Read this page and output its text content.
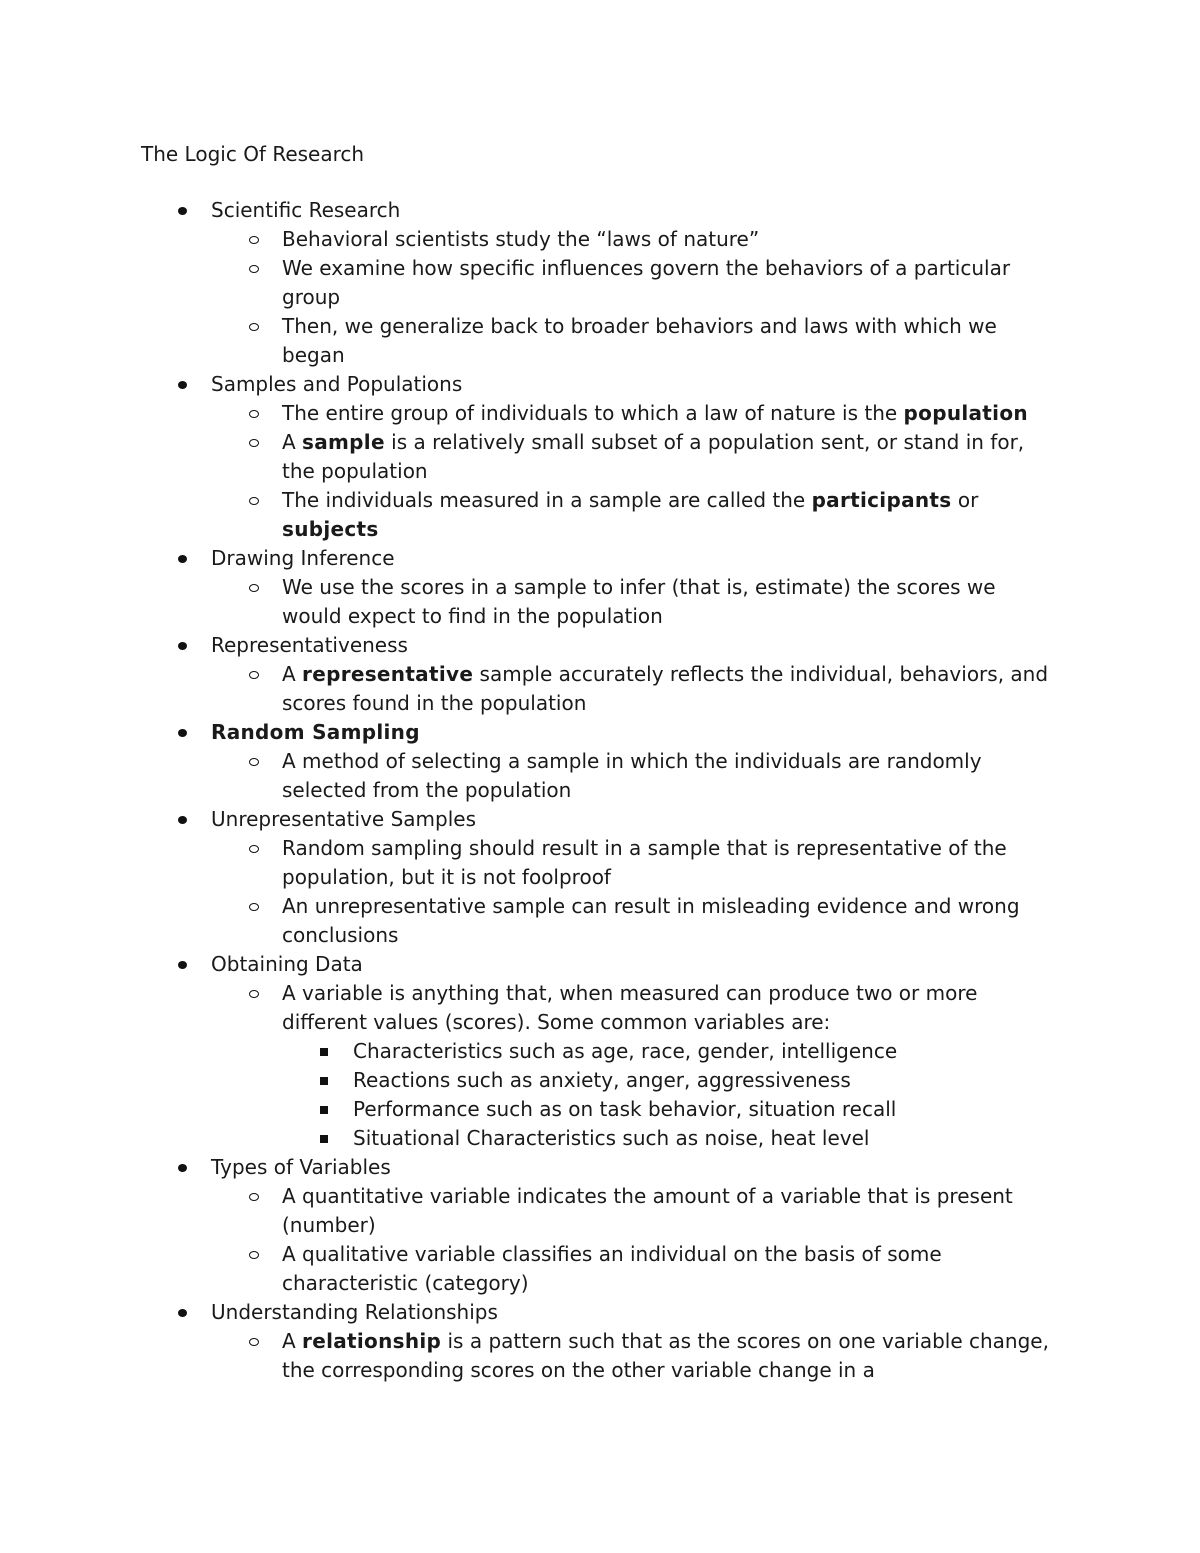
The Logic Of Research
Scientific Research
Behavioral scientists study the “laws of nature”
We examine how specific influences govern the behaviors of a particular group
Then, we generalize back to broader behaviors and laws with which we began
Samples and Populations
The entire group of individuals to which a law of nature is the population
A sample is a relatively small subset of a population sent, or stand in for, the population
The individuals measured in a sample are called the participants or subjects
Drawing Inference
We use the scores in a sample to infer (that is, estimate) the scores we would expect to find in the population
Representativeness
A representative sample accurately reflects the individual, behaviors, and scores found in the population
Random Sampling
A method of selecting a sample in which the individuals are randomly selected from the population
Unrepresentative Samples
Random sampling should result in a sample that is representative of the population, but it is not foolproof
An unrepresentative sample can result in misleading evidence and wrong conclusions
Obtaining Data
A variable is anything that, when measured can produce two or more different values (scores). Some common variables are:
Characteristics such as age, race, gender, intelligence
Reactions such as anxiety, anger, aggressiveness
Performance such as on task behavior, situation recall
Situational Characteristics such as noise, heat level
Types of Variables
A quantitative variable indicates the amount of a variable that is present (number)
A qualitative variable classifies an individual on the basis of some characteristic (category)
Understanding Relationships
A relationship is a pattern such that as the scores on one variable change, the corresponding scores on the other variable change in a
